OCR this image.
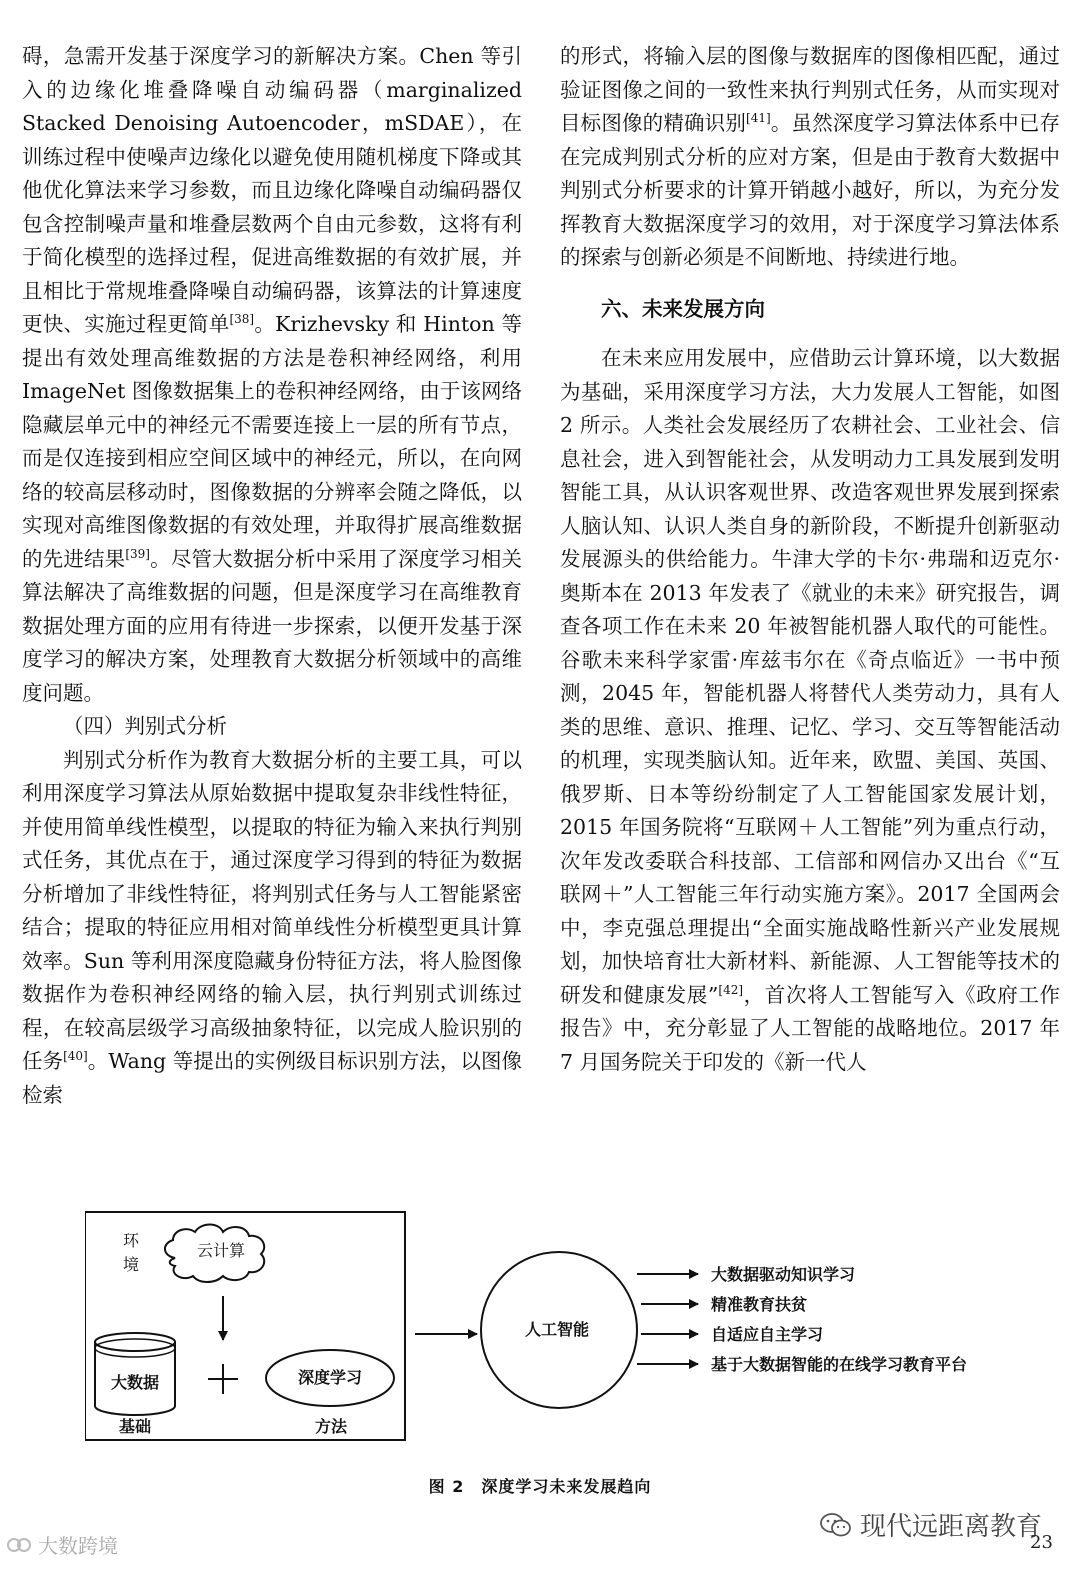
碍，急需开发基于深度学习的新解决方案。Chen 等引入的边缘化堆叠降噪自动编码器（marginalized Stacked Denoising Autoencoder，mSDAE），在训练过程中使噪声边缘化以避免使用随机梯度下降或其他优化算法来学习参数，而且边缘化降噪自动编码器仅包含控制噪声量和堆叠层数两个自由元参数，这将有利于简化模型的选择过程，促进高维数据的有效扩展，并且相比于常规堆叠降噪自动编码器，该算法的计算速度更快、实施过程更简单[38]。Krizhevsky 和 Hinton 等提出有效处理高维数据的方法是卷积神经网络，利用 ImageNet 图像数据集上的卷积神经网络，由于该网络隐藏层单元中的神经元不需要连接上一层的所有节点，而是仅连接到相应空间区域中的神经元，所以，在向网络的较高层移动时，图像数据的分辨率会随之降低，以实现对高维图像数据的有效处理，并取得扩展高维数据的先进结果[39]。尽管大数据分析中采用了深度学习相关算法解决了高维数据的问题，但是深度学习在高维教育数据处理方面的应用有待进一步探索，以便开发基于深度学习的解决方案，处理教育大数据分析领域中的高维度问题。

（四）判别式分析

判别式分析作为教育大数据分析的主要工具，可以利用深度学习算法从原始数据中提取复杂非线性特征，并使用简单线性模型，以提取的特征为输入来执行判别式任务，其优点在于，通过深度学习得到的特征为数据分析增加了非线性特征，将判别式任务与人工智能紧密结合；提取的特征应用相对简单线性分析模型更具计算效率。Sun 等利用深度隐藏身份特征方法，将人脸图像数据作为卷积神经网络的输入层，执行判别式训练过程，在较高层级学习高级抽象特征，以完成人脸识别的任务[40]。Wang 等提出的实例级目标识别方法，以图像检索

的形式，将输入层的图像与数据库的图像相匹配，通过验证图像之间的一致性来执行判别式任务，从而实现对目标图像的精确识别[41]。虽然深度学习算法体系中已存在完成判别式分析的应对方案，但是由于教育大数据中判别式分析要求的计算开销越小越好，所以，为充分发挥教育大数据深度学习的效用，对于深度学习算法体系的探索与创新必须是不间断地、持续进行地。

六、未来发展方向

在未来应用发展中，应借助云计算环境，以大数据为基础，采用深度学习方法，大力发展人工智能，如图 2 所示。人类社会发展经历了农耕社会、工业社会、信息社会，进入到智能社会，从发明动力工具发展到发明智能工具，从认识客观世界、改造客观世界发展到探索人脑认知、认识人类自身的新阶段，不断提升创新驱动发展源头的供给能力。牛津大学的卡尔·弗瑞和迈克尔·奥斯本在 2013 年发表了《就业的未来》研究报告，调查各项工作在未来 20 年被智能机器人取代的可能性。谷歌未来科学家雷·库兹韦尔在《奇点临近》一书中预测，2045 年，智能机器人将替代人类劳动力，具有人类的思维、意识、推理、记忆、学习、交互等智能活动的机理，实现类脑认知。近年来，欧盟、美国、英国、俄罗斯、日本等纷纷制定了人工智能国家发展计划，2015 年国务院将“互联网＋人工智能”列为重点行动，次年发改委联合科技部、工信部和网信办又出台《“互联网＋”人工智能三年行动实施方案》。2017 全国两会中，李克强总理提出“全面实施战略性新兴产业发展规划，加快培育壮大新材料、新能源、人工智能等技术的研发和健康发展”[42]，首次将人工智能写入《政府工作报告》中，充分彰显了人工智能的战略地位。2017 年 7 月国务院关于印发的《新一代人

环
境
云计算
大数据
基础
深度学习
方法
人工智能
大数据驱动知识学习
精准教育扶贫
自适应自主学习
基于大数据智能的在线学习教育平台
图 2　深度学习未来发展趋向
现代远距离教育
大数跨境	23
